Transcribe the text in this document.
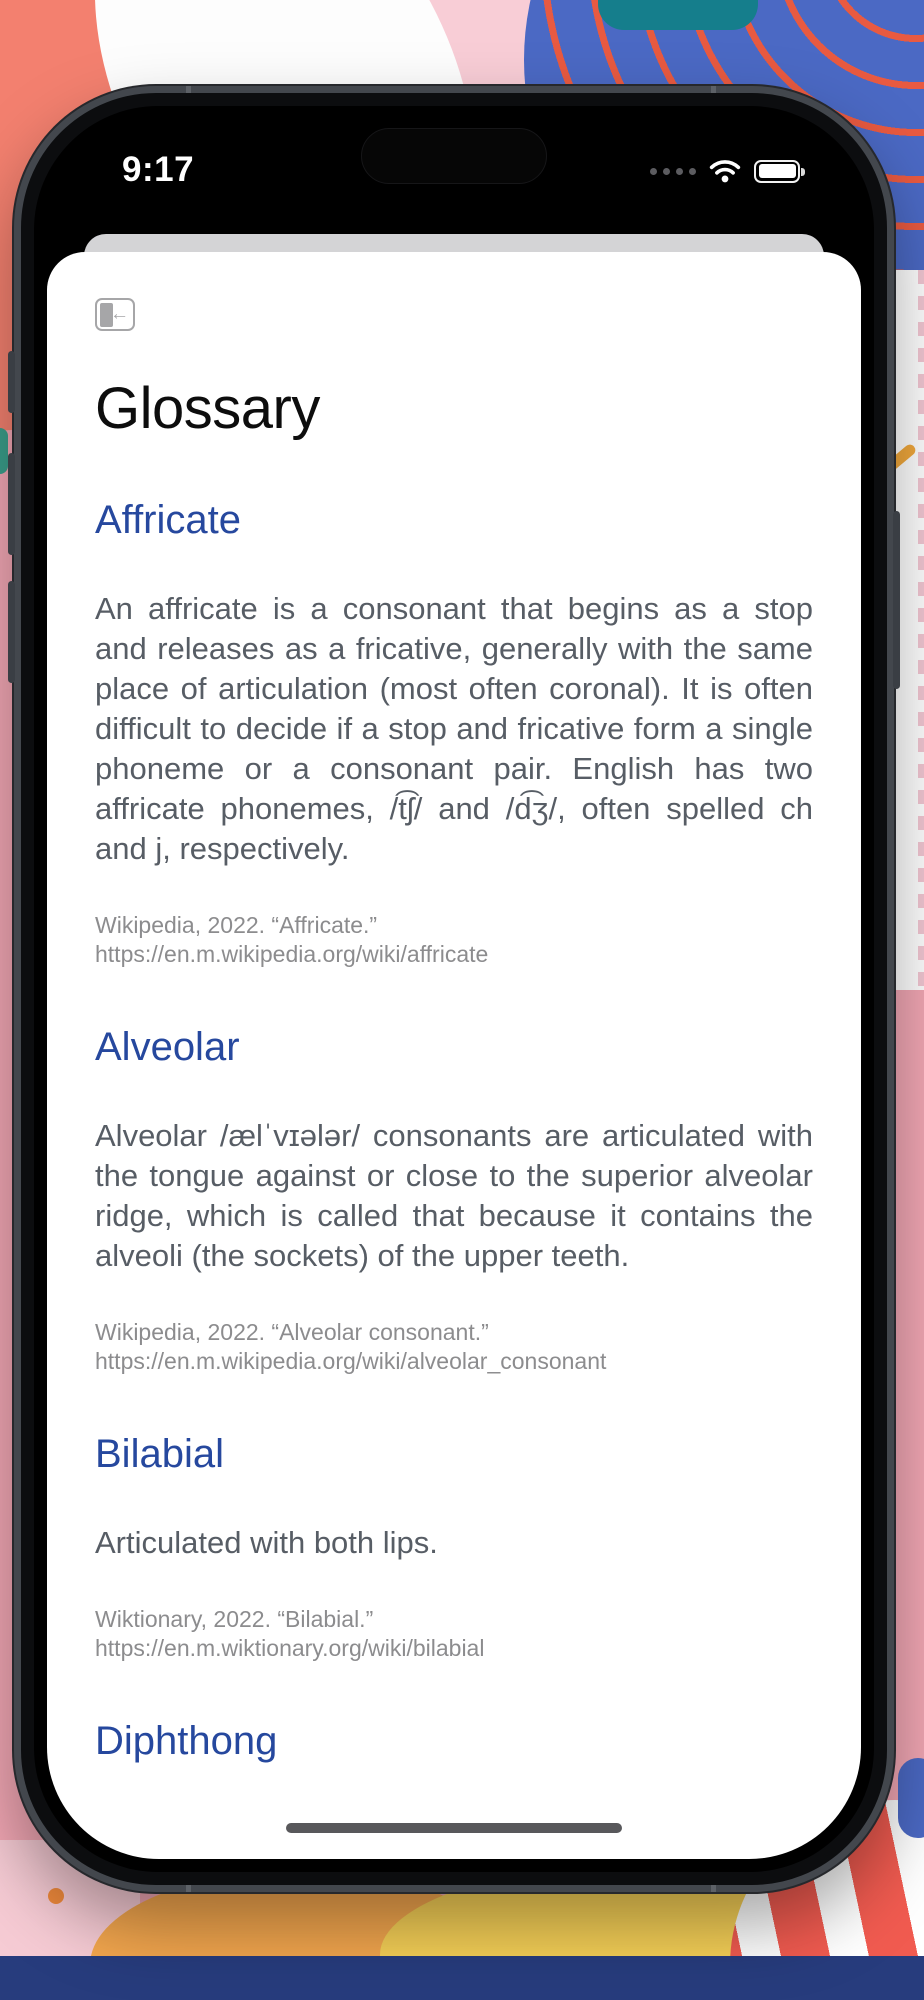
9:17
←
Glossary
Affricate

An affricate is a consonant that begins as a stop and releases as a fricative, generally with the same place of articulation (most often coronal). It is often difficult to decide if a stop and fricative form a single phoneme or a consonant pair. English has two affricate phonemes, /t͡ʃ/ and /d͡ʒ/, often spelled ch and j, respectively.

Wikipedia, 2022. “Affricate.”
https://en.m.wikipedia.org/wiki/affricate

Alveolar

Alveolar /ælˈvɪələr/ consonants are articulated with the tongue against or close to the superior alveolar ridge, which is called that because it contains the alveoli (the sockets) of the upper teeth.

Wikipedia, 2022. “Alveolar consonant.”
https://en.m.wikipedia.org/wiki/alveolar_consonant

Bilabial

Articulated with both lips.

Wiktionary, 2022. “Bilabial.”
https://en.m.wiktionary.org/wiki/bilabial

Diphthong
